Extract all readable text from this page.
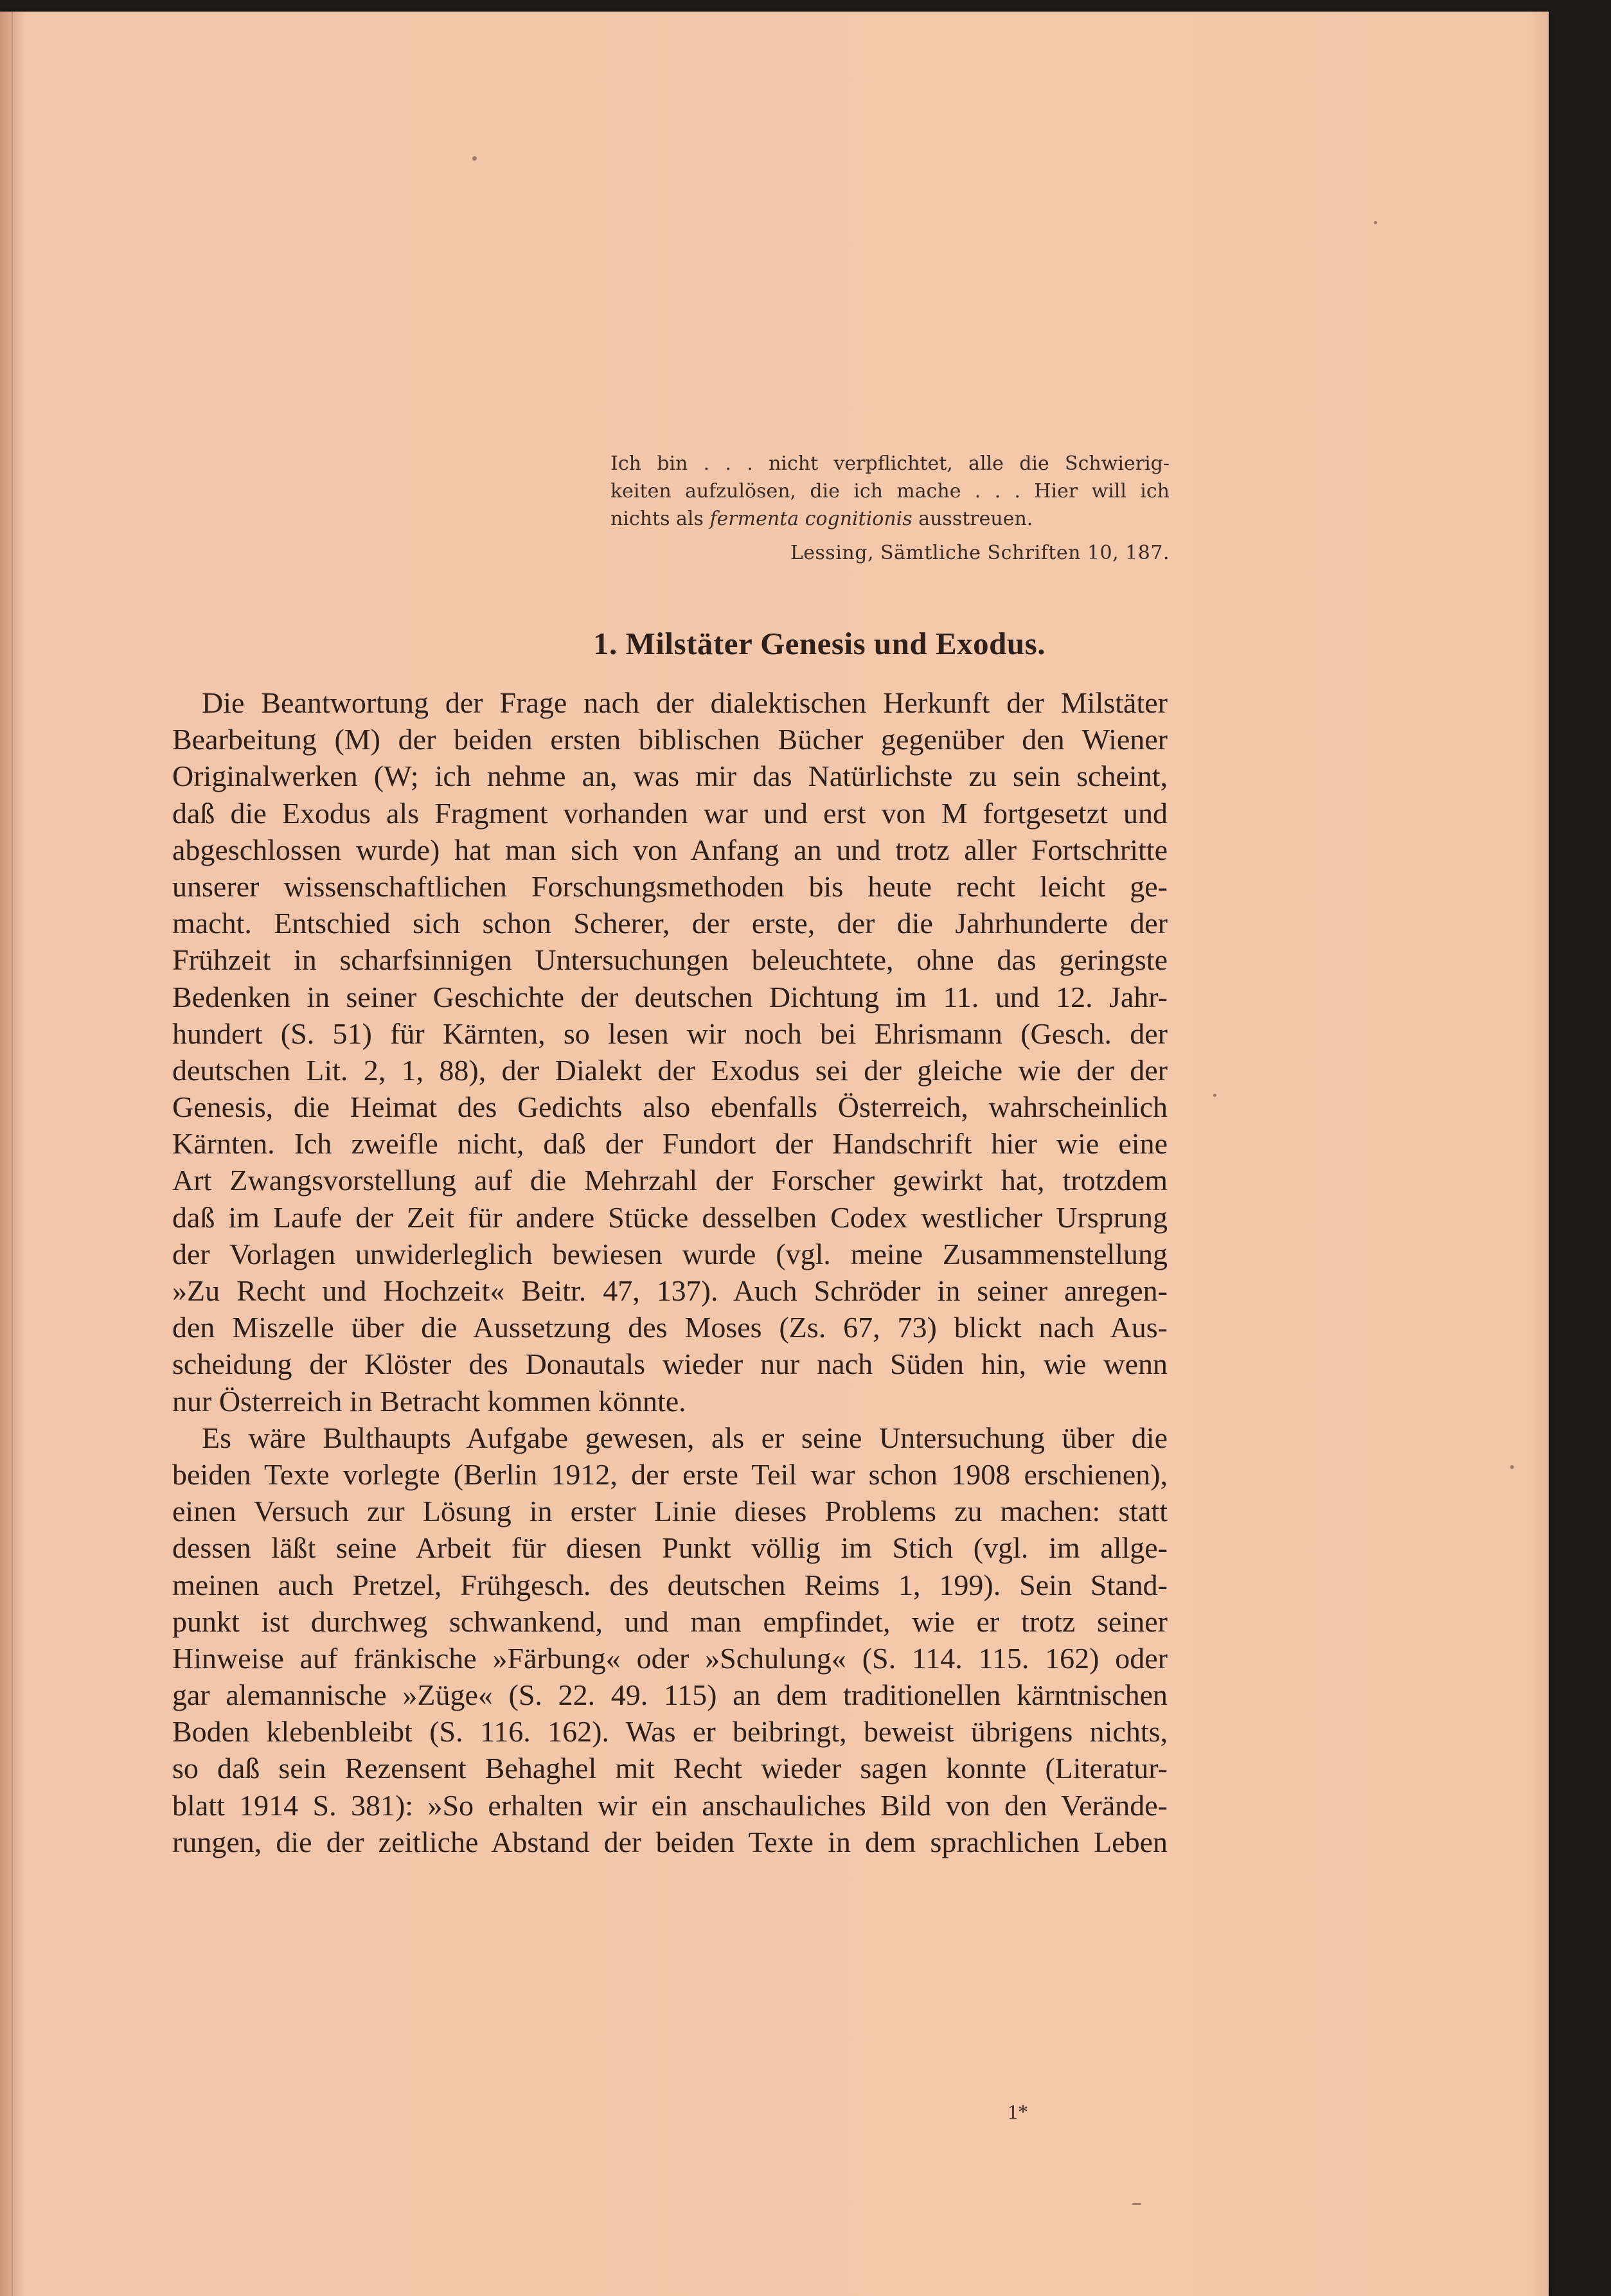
Ich bin . . . nicht verpflichtet, alle die Schwierig-
keiten aufzulösen, die ich mache . . . Hier will ich
nichts als fermenta cognitionis ausstreuen.
Lessing, Sämtliche Schriften 10, 187.
1. Milstäter Genesis und Exodus.
Die Beantwortung der Frage nach der dialektischen Herkunft der Milstäter
Bearbeitung (M) der beiden ersten biblischen Bücher gegenüber den Wiener
Originalwerken (W; ich nehme an, was mir das Natürlichste zu sein scheint,
daß die Exodus als Fragment vorhanden war und erst von M fortgesetzt und
abgeschlossen wurde) hat man sich von Anfang an und trotz aller Fortschritte
unserer wissenschaftlichen Forschungsmethoden bis heute recht leicht ge-
macht. Entschied sich schon Scherer, der erste, der die Jahrhunderte der
Frühzeit in scharfsinnigen Untersuchungen beleuchtete, ohne das geringste
Bedenken in seiner Geschichte der deutschen Dichtung im 11. und 12. Jahr-
hundert (S. 51) für Kärnten, so lesen wir noch bei Ehrismann (Gesch. der
deutschen Lit. 2, 1, 88), der Dialekt der Exodus sei der gleiche wie der der
Genesis, die Heimat des Gedichts also ebenfalls Österreich, wahrscheinlich
Kärnten. Ich zweifle nicht, daß der Fundort der Handschrift hier wie eine
Art Zwangsvorstellung auf die Mehrzahl der Forscher gewirkt hat, trotzdem
daß im Laufe der Zeit für andere Stücke desselben Codex westlicher Ursprung
der Vorlagen unwiderleglich bewiesen wurde (vgl. meine Zusammenstellung
»Zu Recht und Hochzeit« Beitr. 47, 137). Auch Schröder in seiner anregen-
den Miszelle über die Aussetzung des Moses (Zs. 67, 73) blickt nach Aus-
scheidung der Klöster des Donautals wieder nur nach Süden hin, wie wenn
nur Österreich in Betracht kommen könnte.
Es wäre Bulthaupts Aufgabe gewesen, als er seine Untersuchung über die
beiden Texte vorlegte (Berlin 1912, der erste Teil war schon 1908 erschienen),
einen Versuch zur Lösung in erster Linie dieses Problems zu machen: statt
dessen läßt seine Arbeit für diesen Punkt völlig im Stich (vgl. im allge-
meinen auch Pretzel, Frühgesch. des deutschen Reims 1, 199). Sein Stand-
punkt ist durchweg schwankend, und man empfindet, wie er trotz seiner
Hinweise auf fränkische »Färbung« oder »Schulung« (S. 114. 115. 162) oder
gar alemannische »Züge« (S. 22. 49. 115) an dem traditionellen kärntnischen
Boden klebenbleibt (S. 116. 162). Was er beibringt, beweist übrigens nichts,
so daß sein Rezensent Behaghel mit Recht wieder sagen konnte (Literatur-
blatt 1914 S. 381): »So erhalten wir ein anschauliches Bild von den Verände-
rungen, die der zeitliche Abstand der beiden Texte in dem sprachlichen Leben
1*
